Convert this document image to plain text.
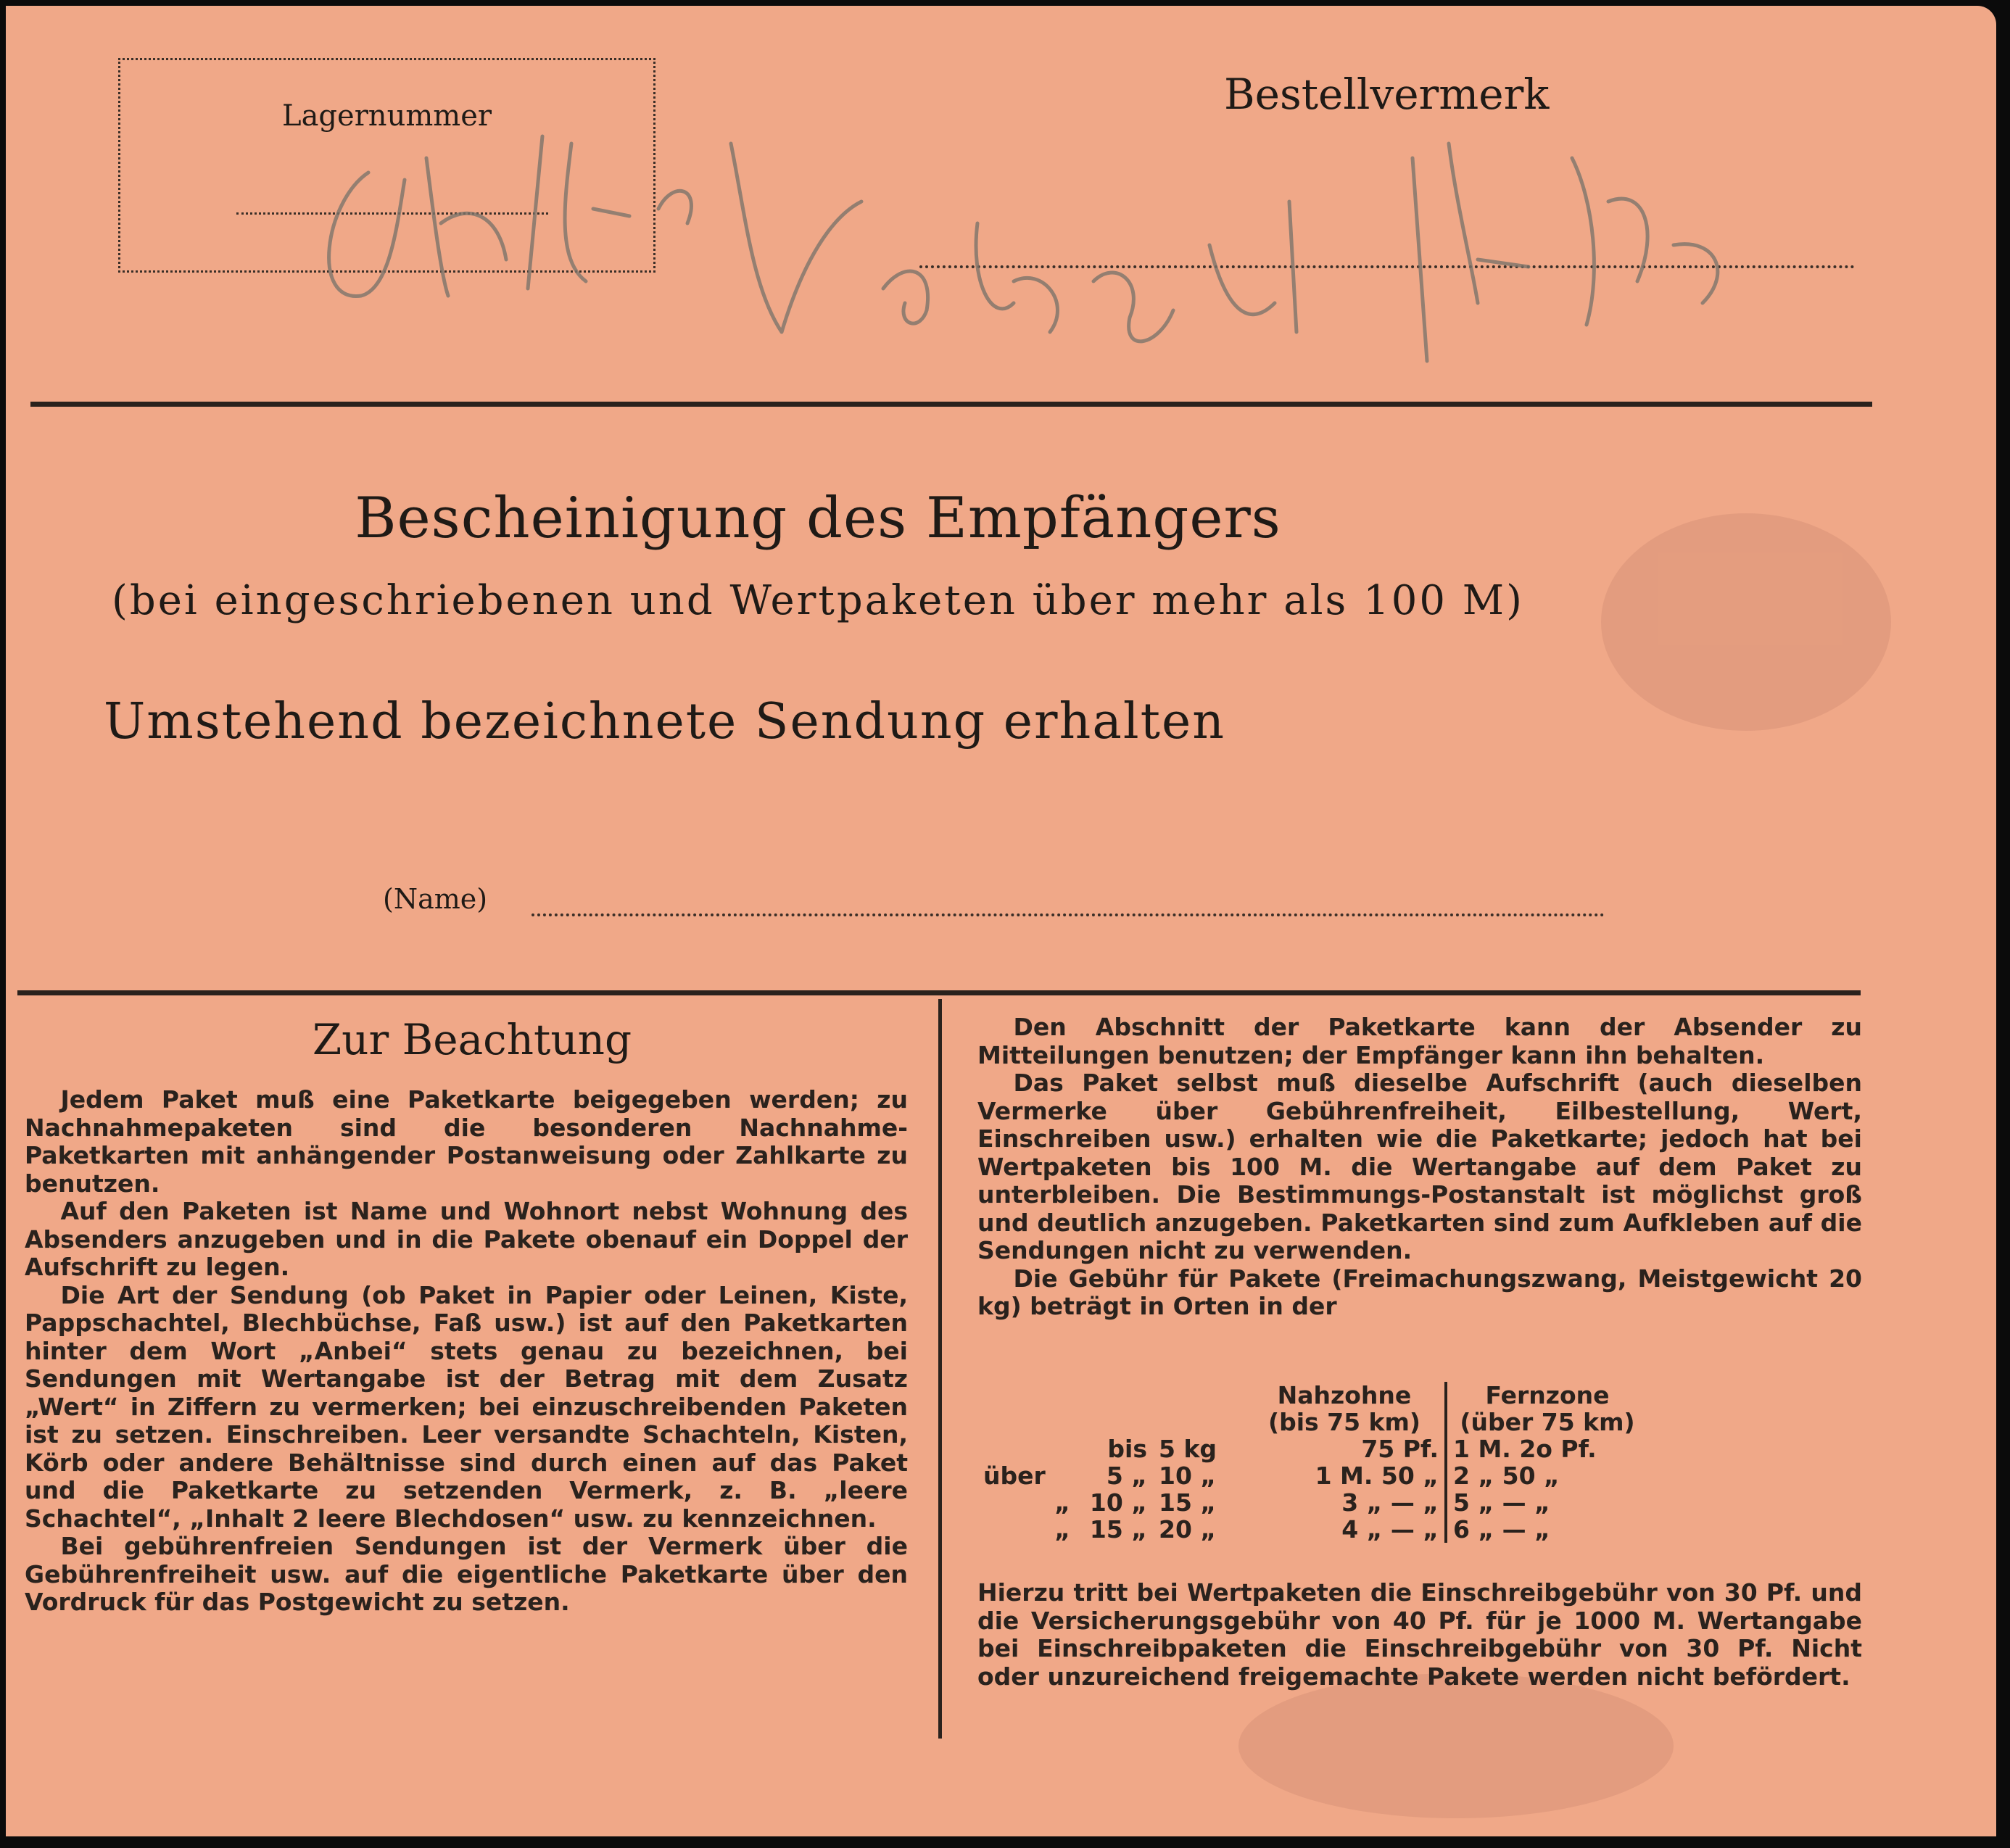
Lagernummer	Bestellvermerk
Bescheinigung des Empfängers
(bei eingeschriebenen und Wertpaketen über mehr als 100 M)
Umstehend bezeichnete Sendung erhalten
(Name)
Zur Beachtung

Jedem Paket muß eine Paketkarte beigegeben werden; zu Nachnahmepaketen sind die besonderen Nachnahme-Paketkarten mit anhängender Postanweisung oder Zahlkarte zu benutzen.

Auf den Paketen ist Name und Wohnort nebst Wohnung des Absenders anzugeben und in die Pakete obenauf ein Doppel der Aufschrift zu legen.

Die Art der Sendung (ob Paket in Papier oder Leinen, Kiste, Pappschachtel, Blechbüchse, Faß usw.) ist auf den Paketkarten hinter dem Wort „Anbei“ stets genau zu bezeichnen, bei Sendungen mit Wertangabe ist der Betrag mit dem Zusatz „Wert“ in Ziffern zu vermerken; bei einzuschreibenden Paketen ist zu setzen. Einschreiben. Leer versandte Schachteln, Kisten, Körb oder andere Behältnisse sind durch einen auf das Paket und die Paketkarte zu setzenden Vermerk, z. B. „leere Schachtel“, „Inhalt 2 leere Blechdosen“ usw. zu kennzeichnen.

Bei gebührenfreien Sendungen ist der Vermerk über die Gebührenfreiheit usw. auf die eigentliche Paketkarte über den Vordruck für das Postgewicht zu setzen.

Den Abschnitt der Paketkarte kann der Absender zu Mitteilungen benutzen; der Empfänger kann ihn behalten.

Das Paket selbst muß dieselbe Aufschrift (auch dieselben Vermerke über Gebührenfreiheit, Eilbestellung, Wert, Einschreiben usw.) erhalten wie die Paketkarte; jedoch hat bei Wertpaketen bis 100 M. die Wertangabe auf dem Paket zu unterbleiben. Die Bestimmungs-Postanstalt ist möglichst groß und deutlich anzugeben. Paketkarten sind zum Aufkleben auf die Sendungen nicht zu verwenden.

Die Gebühr für Pakete (Freimachungszwang, Meistgewicht 20 kg) beträgt in Orten in der

			Nahzohne	Fernzone
			(bis 75 km)	(über 75 km)
	bis	5 kg	75 Pf.	1 M. 2o Pf.
über	5 „	10 „	1 M. 50 „	2 „ 50 „
„	10 „	15 „	3 „ — „	5 „ — „
„	15 „	20 „	4 „ — „	6 „ — „

Hierzu tritt bei Wertpaketen die Einschreibgebühr von 30 Pf. und die Versicherungsgebühr von 40 Pf. für je 1000 M. Wertangabe bei Einschreibpaketen die Einschreibgebühr von 30 Pf. Nicht oder unzureichend freigemachte Pakete werden nicht befördert.
